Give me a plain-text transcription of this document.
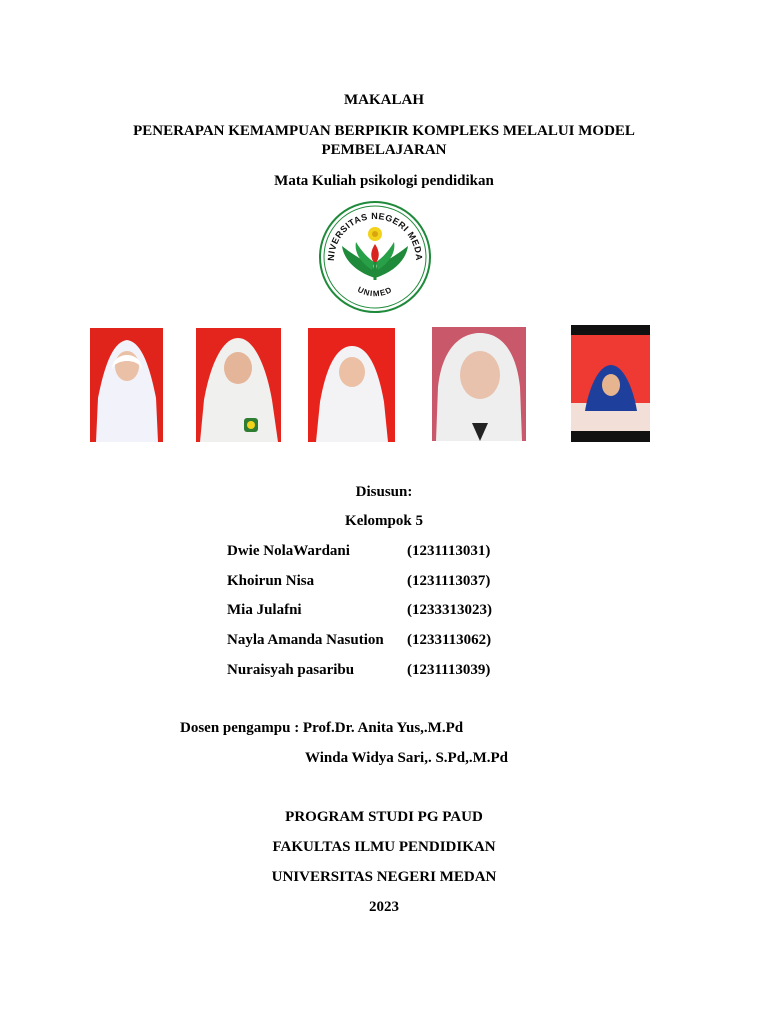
MAKALAH
PENERAPAN KEMAMPUAN BERPIKIR KOMPLEKS MELALUI MODEL
PEMBELAJARAN
Mata Kuliah psikologi pendidikan
NIVERSITAS NEGERI MEDA
UNIMED
Disusun:
Kelompok 5
Dwie NolaWardani	(1231113031)
Khoirun Nisa	(1231113037)
Mia Julafni	(1233313023)
Nayla Amanda Nasution (1233113062)
Nuraisyah pasaribu	(1231113039)
Dosen pengampu : Prof.Dr. Anita Yus,.M.Pd
Winda Widya Sari,. S.Pd,.M.Pd
PROGRAM STUDI PG PAUD
FAKULTAS ILMU PENDIDIKAN
UNIVERSITAS NEGERI MEDAN
2023
